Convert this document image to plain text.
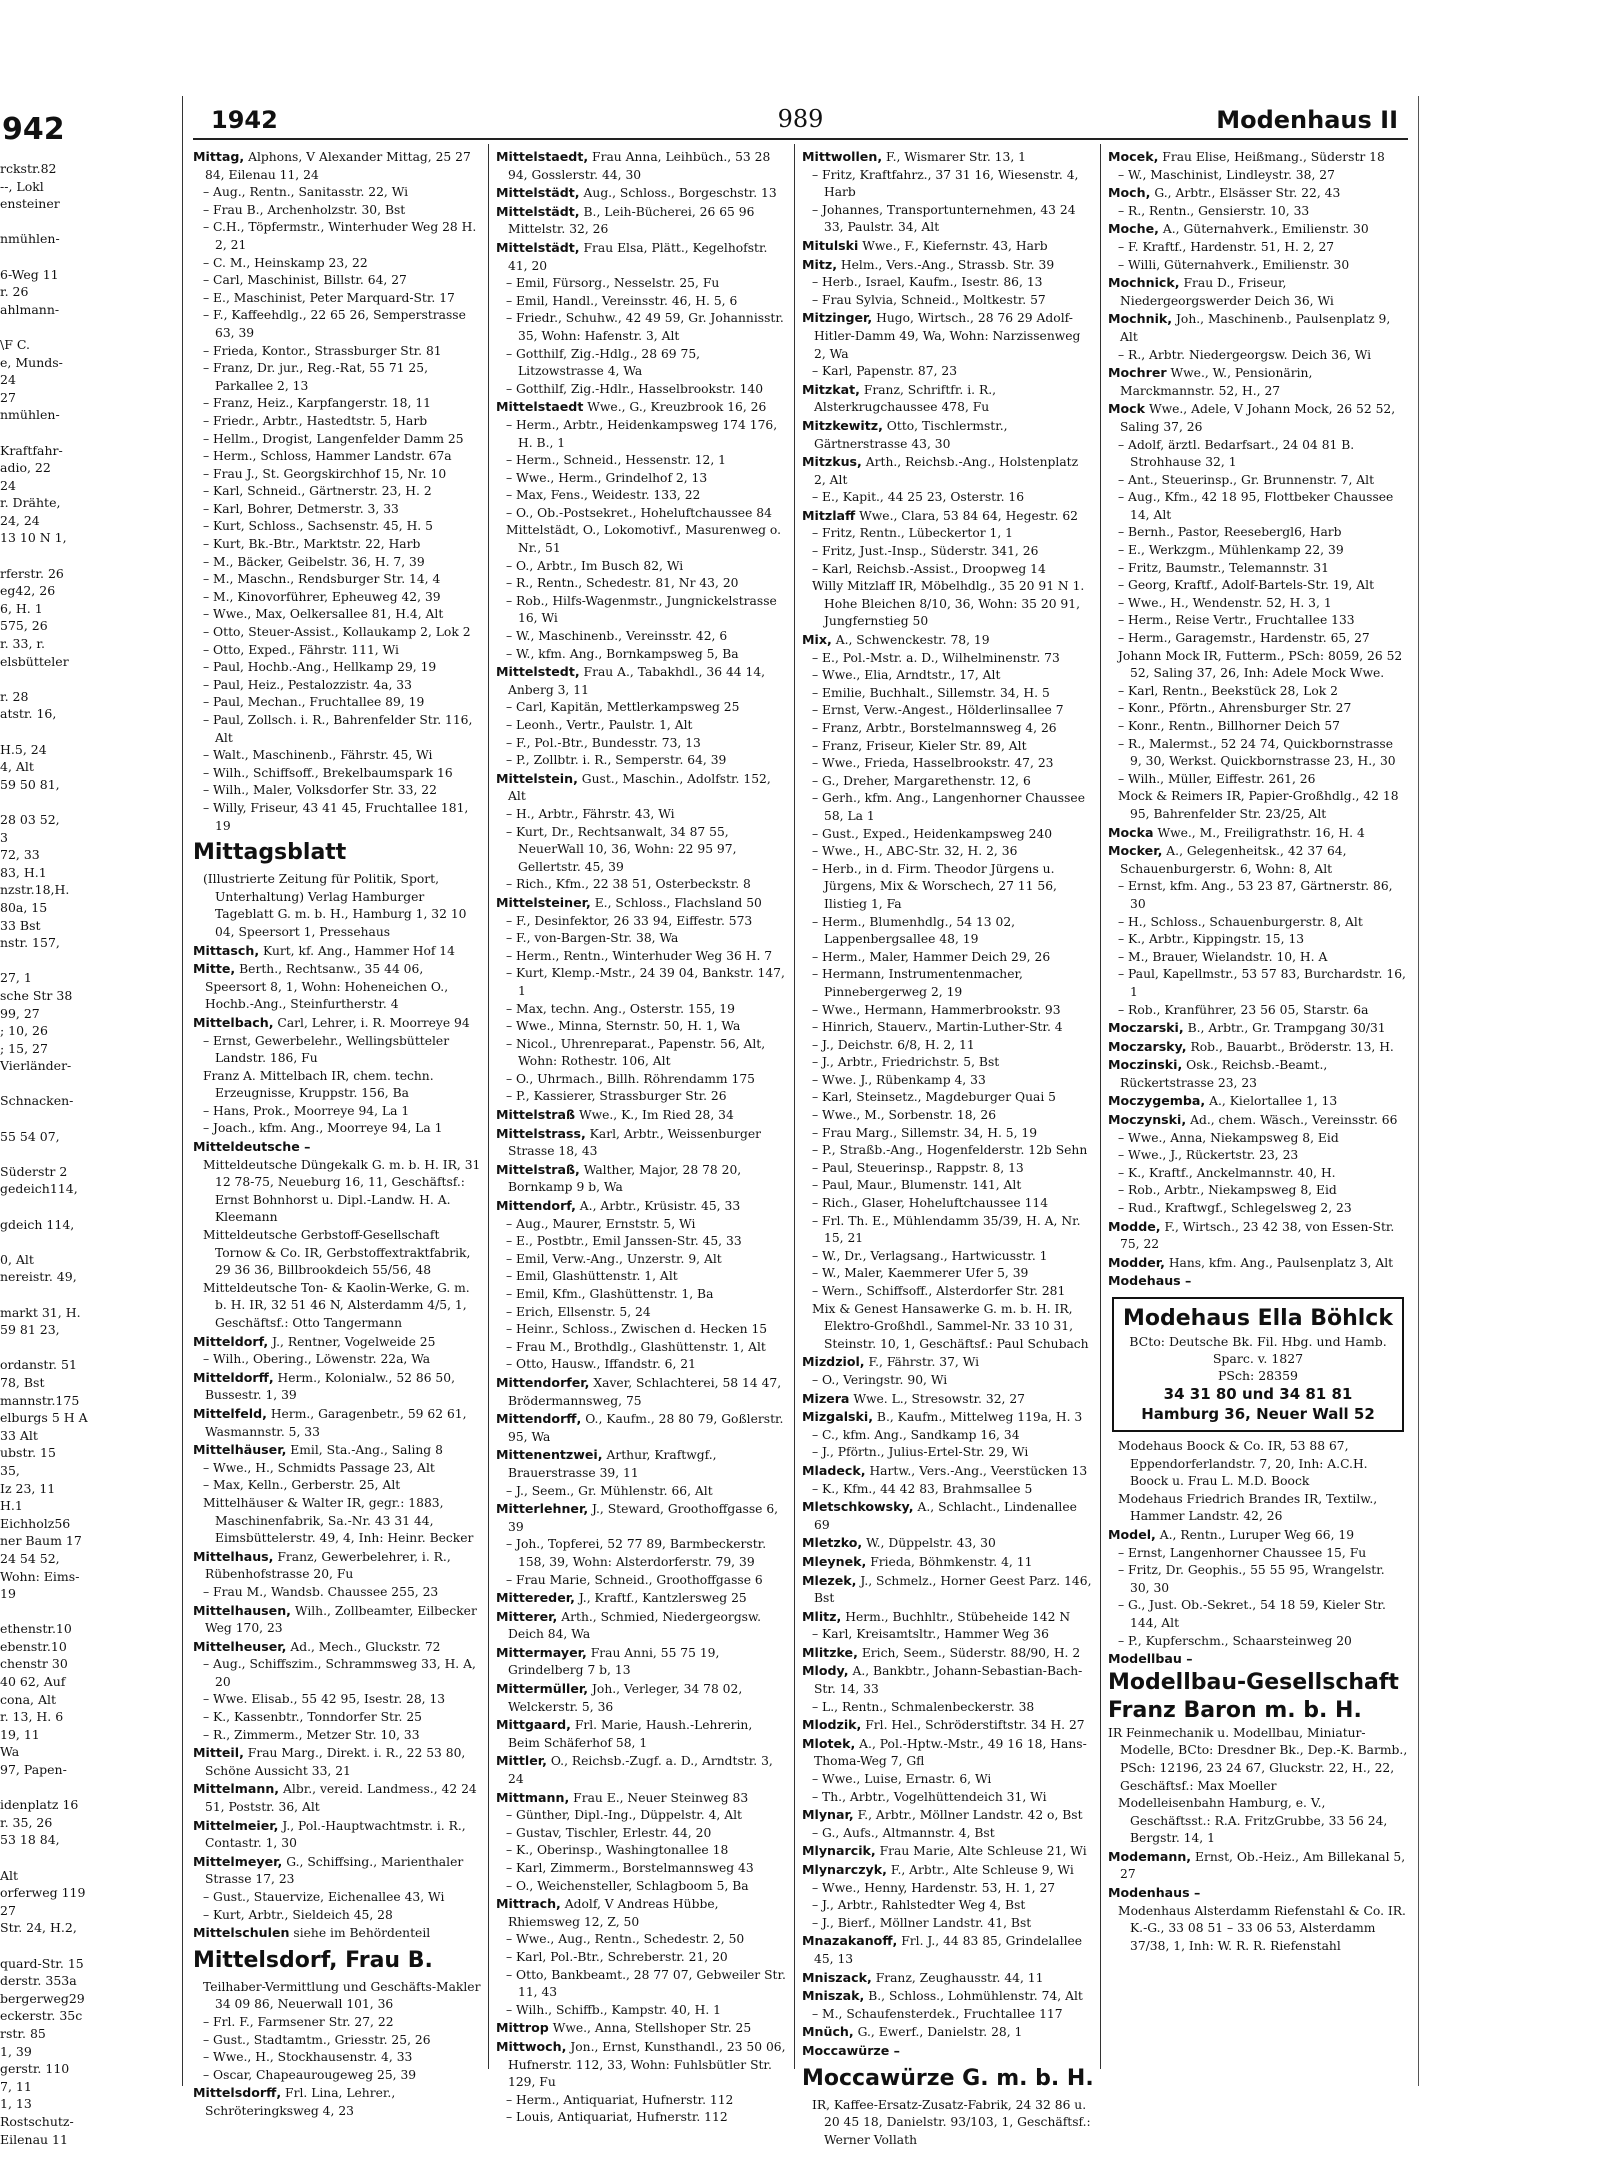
942
rckstr.82
--, Lokl
ensteiner

nmühlen-

6-Weg 11
r. 26
ahlmann-

\F C.
e, Munds-
24
27
nmühlen-

Kraftfahr-
adio, 22
24
r. Drähte,
24, 24
13 10 N 1,

rferstr. 26
eg42, 26
6, H. 1
575, 26
r. 33, r.
elsbütteler

r. 28
atstr. 16,

H.5, 24
4, Alt
59 50 81,

28 03 52,
3
72, 33
83, H.1
nzstr.18,H.
80a, 15
33 Bst
nstr. 157,

27, 1
sche Str 38
99, 27
; 10, 26
; 15, 27
Vierländer-

Schnacken-

55 54 07,

Süderstr 2
gedeich114,

gdeich 114,

0, Alt
nereistr. 49,

markt 31, H.
59 81 23,

ordanstr. 51
78, Bst
mannstr.175
elburgs 5 H A
33 Alt
ubstr. 15
35,
Iz 23, 11
H.1
Eichholz56
ner Baum 17
24 54 52,
Wohn: Eims-
19

ethenstr.10
ebenstr.10
chenstr 30
40 62, Auf
cona, Alt
r. 13, H. 6
19, 11
Wa
97, Papen-

idenplatz 16
r. 35, 26
53 18 84,

Alt
orferweg 119
27
Str. 24, H.2,

quard-Str. 15
derstr. 353a
bergerweg29
eckerstr. 35c
rstr. 85
1, 39
gerstr. 110
7, 11
1, 13
Rostschutz-
Eilenau 11
1942	989	Modenhaus II
Mittag, Alphons, V Alexander Mittag, 25 27 84, Eilenau 11, 24
– Aug., Rentn., Sanitasstr. 22, Wi
– Frau B., Archenholzstr. 30, Bst
– C.H., Töpfermstr., Winterhuder Weg 28 H. 2, 21
– C. M., Heinskamp 23, 22
– Carl, Maschinist, Billstr. 64, 27
– E., Maschinist, Peter Marquard-Str. 17
– F., Kaffeehdlg., 22 65 26, Semperstrasse 63, 39
– Frieda, Kontor., Strassburger Str. 81
– Franz, Dr. jur., Reg.-Rat, 55 71 25, Parkallee 2, 13
– Franz, Heiz., Karpfangerstr. 18, 11
– Friedr., Arbtr., Hastedtstr. 5, Harb
– Hellm., Drogist, Langenfelder Damm 25
– Herm., Schloss, Hammer Landstr. 67a
– Frau J., St. Georgskirchhof 15, Nr. 10
– Karl, Schneid., Gärtnerstr. 23, H. 2
– Karl, Bohrer, Detmerstr. 3, 33
– Kurt, Schloss., Sachsenstr. 45, H. 5
– Kurt, Bk.-Btr., Marktstr. 22, Harb
– M., Bäcker, Geibelstr. 36, H. 7, 39
– M., Maschn., Rendsburger Str. 14, 4
– M., Kinovorführer, Epheuweg 42, 39
– Wwe., Max, Oelkersallee 81, H.4, Alt
– Otto, Steuer-Assist., Kollaukamp 2, Lok 2
– Otto, Exped., Fährstr. 111, Wi
– Paul, Hochb.-Ang., Hellkamp 29, 19
– Paul, Heiz., Pestalozzistr. 4a, 33
– Paul, Mechan., Fruchtallee 89, 19
– Paul, Zollsch. i. R., Bahrenfelder Str. 116, Alt
– Walt., Maschinenb., Fährstr. 45, Wi
– Wilh., Schiffsoff., Brekelbaumspark 16
– Wilh., Maler, Volksdorfer Str. 33, 22
– Willy, Friseur, 43 41 45, Fruchtallee 181, 19
Mittagsblatt
(Illustrierte Zeitung für Politik, Sport, Unterhaltung) Verlag Hamburger Tageblatt G. m. b. H., Hamburg 1, 32 10 04, Speersort 1, Pressehaus
Mittasch, Kurt, kf. Ang., Hammer Hof 14
Mitte, Berth., Rechtsanw., 35 44 06, Speersort 8, 1, Wohn: Hoheneichen O., Hochb.-Ang., Steinfurtherstr. 4
Mittelbach, Carl, Lehrer, i. R. Moorreye 94
– Ernst, Gewerbelehr., Wellingsbütteler Landstr. 186, Fu
Franz A. Mittelbach IR, chem. techn. Erzeugnisse, Kruppstr. 156, Ba
– Hans, Prok., Moorreye 94, La 1
– Joach., kfm. Ang., Moorreye 94, La 1
Mitteldeutsche –
Mitteldeutsche Düngekalk G. m. b. H. IR, 31 12 78-75, Neueburg 16, 11, Geschäftsf.: Ernst Bohnhorst u. Dipl.-Landw. H. A. Kleemann
Mitteldeutsche Gerbstoff-Gesellschaft Tornow & Co. IR, Gerbstoffextraktfabrik, 29 36 36, Billbrookdeich 55/56, 48
Mitteldeutsche Ton- & Kaolin-Werke, G. m. b. H. IR, 32 51 46 N, Alsterdamm 4/5, 1, Geschäftsf.: Otto Tangermann
Mitteldorf, J., Rentner, Vogelweide 25
– Wilh., Obering., Löwenstr. 22a, Wa
Mitteldorff, Herm., Kolonialw., 52 86 50, Bussestr. 1, 39
Mittelfeld, Herm., Garagenbetr., 59 62 61, Wasmannstr. 5, 33
Mittelhäuser, Emil, Sta.-Ang., Saling 8
– Wwe., H., Schmidts Passage 23, Alt
– Max, Kelln., Gerberstr. 25, Alt
Mittelhäuser & Walter IR, gegr.: 1883, Maschinenfabrik, Sa.-Nr. 43 31 44, Eimsbüttelerstr. 49, 4, Inh: Heinr. Becker
Mittelhaus, Franz, Gewerbelehrer, i. R., Rübenhofstrasse 20, Fu
– Frau M., Wandsb. Chaussee 255, 23
Mittelhausen, Wilh., Zollbeamter, Eilbecker Weg 170, 23
Mittelheuser, Ad., Mech., Gluckstr. 72
– Aug., Schiffszim., Schrammsweg 33, H. A, 20
– Wwe. Elisab., 55 42 95, Isestr. 28, 13
– K., Kassenbtr., Tonndorfer Str. 25
– R., Zimmerm., Metzer Str. 10, 33
Mitteil, Frau Marg., Direkt. i. R., 22 53 80, Schöne Aussicht 33, 21
Mittelmann, Albr., vereid. Landmess., 42 24 51, Poststr. 36, Alt
Mittelmeier, J., Pol.-Hauptwachtmstr. i. R., Contastr. 1, 30
Mittelmeyer, G., Schiffsing., Marienthaler Strasse 17, 23
– Gust., Stauervize, Eichenallee 43, Wi
– Kurt, Arbtr., Sieldeich 45, 28
Mittelschulen siehe im Behördenteil
Mittelsdorf, Frau B.
Teilhaber-Vermittlung und Geschäfts-Makler 34 09 86, Neuerwall 101, 36
– Frl. F., Farmsener Str. 27, 22
– Gust., Stadtamtm., Griesstr. 25, 26
– Wwe., H., Stockhausenstr. 4, 33
– Oscar, Chapeaurougeweg 25, 39
Mittelsdorff, Frl. Lina, Lehrer., Schröteringksweg 4, 23
Mittelstaedt, Frau Anna, Leihbüch., 53 28 94, Gosslerstr. 44, 30
Mittelstädt, Aug., Schloss., Borgeschstr. 13
Mittelstädt, B., Leih-Bücherei, 26 65 96 Mittelstr. 32, 26
Mittelstädt, Frau Elsa, Plätt., Kegelhofstr. 41, 20
– Emil, Fürsorg., Nesselstr. 25, Fu
– Emil, Handl., Vereinsstr. 46, H. 5, 6
– Friedr., Schuhw., 42 49 59, Gr. Johannisstr. 35, Wohn: Hafenstr. 3, Alt
– Gotthilf, Zig.-Hdlg., 28 69 75, Litzowstrasse 4, Wa
– Gotthilf, Zig.-Hdlr., Hasselbrookstr. 140
Mittelstaedt Wwe., G., Kreuzbrook 16, 26
– Herm., Arbtr., Heidenkampsweg 174 176, H. B., 1
– Herm., Schneid., Hessenstr. 12, 1
– Wwe., Herm., Grindelhof 2, 13
– Max, Fens., Weidestr. 133, 22
– O., Ob.-Postsekret., Hoheluftchaussee 84
Mittelstädt, O., Lokomotivf., Masurenweg o. Nr., 51
– O., Arbtr., Im Busch 82, Wi
– R., Rentn., Schedestr. 81, Nr 43, 20
– Rob., Hilfs-Wagenmstr., Jungnickelstrasse 16, Wi
– W., Maschinenb., Vereinsstr. 42, 6
– W., kfm. Ang., Bornkampsweg 5, Ba
Mittelstedt, Frau A., Tabakhdl., 36 44 14, Anberg 3, 11
– Carl, Kapitän, Mettlerkampsweg 25
– Leonh., Vertr., Paulstr. 1, Alt
– F., Pol.-Btr., Bundesstr. 73, 13
– P., Zollbtr. i. R., Semperstr. 64, 39
Mittelstein, Gust., Maschin., Adolfstr. 152, Alt
– H., Arbtr., Fährstr. 43, Wi
– Kurt, Dr., Rechtsanwalt, 34 87 55, NeuerWall 10, 36, Wohn: 22 95 97, Gellertstr. 45, 39
– Rich., Kfm., 22 38 51, Osterbeckstr. 8
Mittelsteiner, E., Schloss., Flachsland 50
– F., Desinfektor, 26 33 94, Eiffestr. 573
– F., von-Bargen-Str. 38, Wa
– Herm., Rentn., Winterhuder Weg 36 H. 7
– Kurt, Klemp.-Mstr., 24 39 04, Bankstr. 147, 1
– Max, techn. Ang., Osterstr. 155, 19
– Wwe., Minna, Sternstr. 50, H. 1, Wa
– Nicol., Uhrenreparat., Papenstr. 56, Alt, Wohn: Rothestr. 106, Alt
– O., Uhrmach., Billh. Röhrendamm 175
– P., Kassierer, Strassburger Str. 26
Mittelstraß Wwe., K., Im Ried 28, 34
Mittelstrass, Karl, Arbtr., Weissenburger Strasse 18, 43
Mittelstraß, Walther, Major, 28 78 20, Bornkamp 9 b, Wa
Mittendorf, A., Arbtr., Krüsistr. 45, 33
– Aug., Maurer, Ernststr. 5, Wi
– E., Postbtr., Emil Janssen-Str. 45, 33
– Emil, Verw.-Ang., Unzerstr. 9, Alt
– Emil, Glashüttenstr. 1, Alt
– Emil, Kfm., Glashüttenstr. 1, Ba
– Erich, Ellsenstr. 5, 24
– Heinr., Schloss., Zwischen d. Hecken 15
– Frau M., Brothdlg., Glashüttenstr. 1, Alt
– Otto, Hausw., Iffandstr. 6, 21
Mittendorfer, Xaver, Schlachterei, 58 14 47, Brödermannsweg, 75
Mittendorff, O., Kaufm., 28 80 79, Goßlerstr. 95, Wa
Mittenentzwei, Arthur, Kraftwgf., Brauerstrasse 39, 11
– J., Seem., Gr. Mühlenstr. 66, Alt
Mitterlehner, J., Steward, Groothoffgasse 6, 39
– Joh., Topferei, 52 77 89, Barmbeckerstr. 158, 39, Wohn: Alsterdorferstr. 79, 39
– Frau Marie, Schneid., Groothoffgasse 6
Mittereder, J., Kraftf., Kantzlersweg 25
Mitterer, Arth., Schmied, Niedergeorgsw. Deich 84, Wa
Mittermayer, Frau Anni, 55 75 19, Grindelberg 7 b, 13
Mittermüller, Joh., Verleger, 34 78 02, Welckerstr. 5, 36
Mittgaard, Frl. Marie, Haush.-Lehrerin, Beim Schäferhof 58, 1
Mittler, O., Reichsb.-Zugf. a. D., Arndtstr. 3, 24
Mittmann, Frau E., Neuer Steinweg 83
– Günther, Dipl.-Ing., Düppelstr. 4, Alt
– Gustav, Tischler, Erlestr. 44, 20
– K., Oberinsp., Washingtonallee 18
– Karl, Zimmerm., Borstelmannsweg 43
– O., Weichensteller, Schlagboom 5, Ba
Mittrach, Adolf, V Andreas Hübbe, Rhiemsweg 12, Z, 50
– Wwe., Aug., Rentn., Schedestr. 2, 50
– Karl, Pol.-Btr., Schreberstr. 21, 20
– Otto, Bankbeamt., 28 77 07, Gebweiler Str. 11, 43
– Wilh., Schiffb., Kampstr. 40, H. 1
Mittrop Wwe., Anna, Stellshoper Str. 25
Mittwoch, Jon., Ernst, Kunsthandl., 23 50 06, Hufnerstr. 112, 33, Wohn: Fuhlsbütler Str. 129, Fu
– Herm., Antiquariat, Hufnerstr. 112
– Louis, Antiquariat, Hufnerstr. 112
Mittwollen, F., Wismarer Str. 13, 1
– Fritz, Kraftfahrz., 37 31 16, Wiesenstr. 4, Harb
– Johannes, Transportunternehmen, 43 24 33, Paulstr. 34, Alt
Mitulski Wwe., F., Kiefernstr. 43, Harb
Mitz, Helm., Vers.-Ang., Strassb. Str. 39
– Herb., Israel, Kaufm., Isestr. 86, 13
– Frau Sylvia, Schneid., Moltkestr. 57
Mitzinger, Hugo, Wirtsch., 28 76 29 Adolf-Hitler-Damm 49, Wa, Wohn: Narzissenweg 2, Wa
– Karl, Papenstr. 87, 23
Mitzkat, Franz, Schriftfr. i. R., Alsterkrugchaussee 478, Fu
Mitzkewitz, Otto, Tischlermstr., Gärtnerstrasse 43, 30
Mitzkus, Arth., Reichsb.-Ang., Holstenplatz 2, Alt
– E., Kapit., 44 25 23, Osterstr. 16
Mitzlaff Wwe., Clara, 53 84 64, Hegestr. 62
– Fritz, Rentn., Lübeckertor 1, 1
– Fritz, Just.-Insp., Süderstr. 341, 26
– Karl, Reichsb.-Assist., Droopweg 14
Willy Mitzlaff IR, Möbelhdlg., 35 20 91 N 1. Hohe Bleichen 8/10, 36, Wohn: 35 20 91, Jungfernstieg 50
Mix, A., Schwenckestr. 78, 19
– E., Pol.-Mstr. a. D., Wilhelminenstr. 73
– Wwe., Elia, Arndtstr., 17, Alt
– Emilie, Buchhalt., Sillemstr. 34, H. 5
– Ernst, Verw.-Angest., Hölderlinsallee 7
– Franz, Arbtr., Borstelmannsweg 4, 26
– Franz, Friseur, Kieler Str. 89, Alt
– Wwe., Frieda, Hasselbrookstr. 47, 23
– G., Dreher, Margarethenstr. 12, 6
– Gerh., kfm. Ang., Langenhorner Chaussee 58, La 1
– Gust., Exped., Heidenkampsweg 240
– Wwe., H., ABC-Str. 32, H. 2, 36
– Herb., in d. Firm. Theodor Jürgens u. Jürgens, Mix & Worschech, 27 11 56, Ilistieg 1, Fa
– Herm., Blumenhdlg., 54 13 02, Lappenbergsallee 48, 19
– Herm., Maler, Hammer Deich 29, 26
– Hermann, Instrumentenmacher, Pinnebergerweg 2, 19
– Wwe., Hermann, Hammerbrookstr. 93
– Hinrich, Stauerv., Martin-Luther-Str. 4
– J., Deichstr. 6/8, H. 2, 11
– J., Arbtr., Friedrichstr. 5, Bst
– Wwe. J., Rübenkamp 4, 33
– Karl, Steinsetz., Magdeburger Quai 5
– Wwe., M., Sorbenstr. 18, 26
– Frau Marg., Sillemstr. 34, H. 5, 19
– P., Straßb.-Ang., Hogenfelderstr. 12b Sehn
– Paul, Steuerinsp., Rappstr. 8, 13
– Paul, Maur., Blumenstr. 141, Alt
– Rich., Glaser, Hoheluftchaussee 114
– Frl. Th. E., Mühlendamm 35/39, H. A, Nr. 15, 21
– W., Dr., Verlagsang., Hartwicusstr. 1
– W., Maler, Kaemmerer Ufer 5, 39
– Wern., Schiffsoff., Alsterdorfer Str. 281
Mix & Genest Hansawerke G. m. b. H. IR, Elektro-Großhdl., Sammel-Nr. 33 10 31, Steinstr. 10, 1, Geschäftsf.: Paul Schubach
Mizdziol, F., Fährstr. 37, Wi
– O., Veringstr. 90, Wi
Mizera Wwe. L., Stresowstr. 32, 27
Mizgalski, B., Kaufm., Mittelweg 119a, H. 3
– C., kfm. Ang., Sandkamp 16, 34
– J., Pförtn., Julius-Ertel-Str. 29, Wi
Mladeck, Hartw., Vers.-Ang., Veerstücken 13
– K., Kfm., 44 42 83, Brahmsallee 5
Mletschkowsky, A., Schlacht., Lindenallee 69
Mletzko, W., Düppelstr. 43, 30
Mleynek, Frieda, Böhmkenstr. 4, 11
Mlezek, J., Schmelz., Horner Geest Parz. 146, Bst
Mlitz, Herm., Buchhltr., Stübeheide 142 N
– Karl, Kreisamtsltr., Hammer Weg 36
Mlitzke, Erich, Seem., Süderstr. 88/90, H. 2
Mlody, A., Bankbtr., Johann-Sebastian-Bach-Str. 14, 33
– L., Rentn., Schmalenbeckerstr. 38
Mlodzik, Frl. Hel., Schröderstiftstr. 34 H. 27
Mlotek, A., Pol.-Hptw.-Mstr., 49 16 18, Hans-Thoma-Weg 7, Gfl
– Wwe., Luise, Ernastr. 6, Wi
– Th., Arbtr., Vogelhüttendeich 31, Wi
Mlynar, F., Arbtr., Möllner Landstr. 42 o, Bst
– G., Aufs., Altmannstr. 4, Bst
Mlynarcik, Frau Marie, Alte Schleuse 21, Wi
Mlynarczyk, F., Arbtr., Alte Schleuse 9, Wi
– Wwe., Henny, Hardenstr. 53, H. 1, 27
– J., Arbtr., Rahlstedter Weg 4, Bst
– J., Bierf., Möllner Landstr. 41, Bst
Mnazakanoff, Frl. J., 44 83 85, Grindelallee 45, 13
Mniszack, Franz, Zeughausstr. 44, 11
Mniszak, B., Schloss., Lohmühlenstr. 74, Alt
– M., Schaufensterdek., Fruchtallee 117
Mnüch, G., Ewerf., Danielstr. 28, 1
Moccawürze –
Moccawürze G. m. b. H.
IR, Kaffee-Ersatz-Zusatz-Fabrik, 24 32 86 u. 20 45 18, Danielstr. 93/103, 1, Geschäftsf.: Werner Vollath
Mocek, Frau Elise, Heißmang., Süderstr 18
– W., Maschinist, Lindleystr. 38, 27
Moch, G., Arbtr., Elsässer Str. 22, 43
– R., Rentn., Gensierstr. 10, 33
Moche, A., Güternahverk., Emilienstr. 30
– F. Kraftf., Hardenstr. 51, H. 2, 27
– Willi, Güternahverk., Emilienstr. 30
Mochnick, Frau D., Friseur, Niedergeorgswerder Deich 36, Wi
Mochnik, Joh., Maschinenb., Paulsenplatz 9, Alt
– R., Arbtr. Niedergeorgsw. Deich 36, Wi
Mochrer Wwe., W., Pensionärin, Marckmannstr. 52, H., 27
Mock Wwe., Adele, V Johann Mock, 26 52 52, Saling 37, 26
– Adolf, ärztl. Bedarfsart., 24 04 81 B. Strohhause 32, 1
– Ant., Steuerinsp., Gr. Brunnenstr. 7, Alt
– Aug., Kfm., 42 18 95, Flottbeker Chaussee 14, Alt
– Bernh., Pastor, Reesebergl6, Harb
– E., Werkzgm., Mühlenkamp 22, 39
– Fritz, Baumstr., Telemannstr. 31
– Georg, Kraftf., Adolf-Bartels-Str. 19, Alt
– Wwe., H., Wendenstr. 52, H. 3, 1
– Herm., Reise Vertr., Fruchtallee 133
– Herm., Garagemstr., Hardenstr. 65, 27
Johann Mock IR, Futterm., PSch: 8059, 26 52 52, Saling 37, 26, Inh: Adele Mock Wwe.
– Karl, Rentn., Beekstück 28, Lok 2
– Konr., Pförtn., Ahrensburger Str. 27
– Konr., Rentn., Billhorner Deich 57
– R., Malermst., 52 24 74, Quickbornstrasse 9, 30, Werkst. Quickbornstrasse 23, H., 30
– Wilh., Müller, Eiffestr. 261, 26
Mock & Reimers IR, Papier-Großhdlg., 42 18 95, Bahrenfelder Str. 23/25, Alt
Mocka Wwe., M., Freiligrathstr. 16, H. 4
Mocker, A., Gelegenheitsk., 42 37 64, Schauenburgerstr. 6, Wohn: 8, Alt
– Ernst, kfm. Ang., 53 23 87, Gärtnerstr. 86, 30
– H., Schloss., Schauenburgerstr. 8, Alt
– K., Arbtr., Kippingstr. 15, 13
– M., Brauer, Wielandstr. 10, H. A
– Paul, Kapellmstr., 53 57 83, Burchardstr. 16, 1
– Rob., Kranführer, 23 56 05, Starstr. 6a
Moczarski, B., Arbtr., Gr. Trampgang 30/31
Moczarsky, Rob., Bauarbt., Bröderstr. 13, H.
Moczinski, Osk., Reichsb.-Beamt., Rückertstrasse 23, 23
Moczygemba, A., Kielortallee 1, 13
Moczynski, Ad., chem. Wäsch., Vereinsstr. 66
– Wwe., Anna, Niekampsweg 8, Eid
– Wwe., J., Rückertstr. 23, 23
– K., Kraftf., Anckelmannstr. 40, H.
– Rob., Arbtr., Niekampsweg 8, Eid
– Rud., Kraftwgf., Schlegelsweg 2, 23
Modde, F., Wirtsch., 23 42 38, von Essen-Str. 75, 22
Modder, Hans, kfm. Ang., Paulsenplatz 3, Alt
Modehaus –
Modehaus Ella Böhlck
BCto: Deutsche Bk. Fil. Hbg. und Hamb. Sparc. v. 1827
PSch: 28359
34 31 80 und 34 81 81
Hamburg 36, Neuer Wall 52
Modehaus Boock & Co. IR, 53 88 67, Eppendorferlandstr. 7, 20, Inh: A.C.H. Boock u. Frau L. M.D. Boock
Modehaus Friedrich Brandes IR, Textilw., Hammer Landstr. 42, 26
Model, A., Rentn., Luruper Weg 66, 19
– Ernst, Langenhorner Chaussee 15, Fu
– Fritz, Dr. Geophis., 55 55 95, Wrangelstr. 30, 30
– G., Just. Ob.-Sekret., 54 18 59, Kieler Str. 144, Alt
– P., Kupferschm., Schaarsteinweg 20
Modellbau –
Modellbau-Gesellschaft
Franz Baron m. b. H.
IR Feinmechanik u. Modellbau, Miniatur-Modelle, BCto: Dresdner Bk., Dep.-K. Barmb., PSch: 12196, 23 24 67, Gluckstr. 22, H., 22, Geschäftsf.: Max Moeller
Modelleisenbahn Hamburg, e. V., Geschäftsst.: R.A. FritzGrubbe, 33 56 24, Bergstr. 14, 1
Modemann, Ernst, Ob.-Heiz., Am Billekanal 5, 27
Modenhaus –
Modenhaus Alsterdamm Riefenstahl & Co. IR. K.-G., 33 08 51 – 33 06 53, Alsterdamm 37/38, 1, Inh: W. R. R. Riefenstahl
